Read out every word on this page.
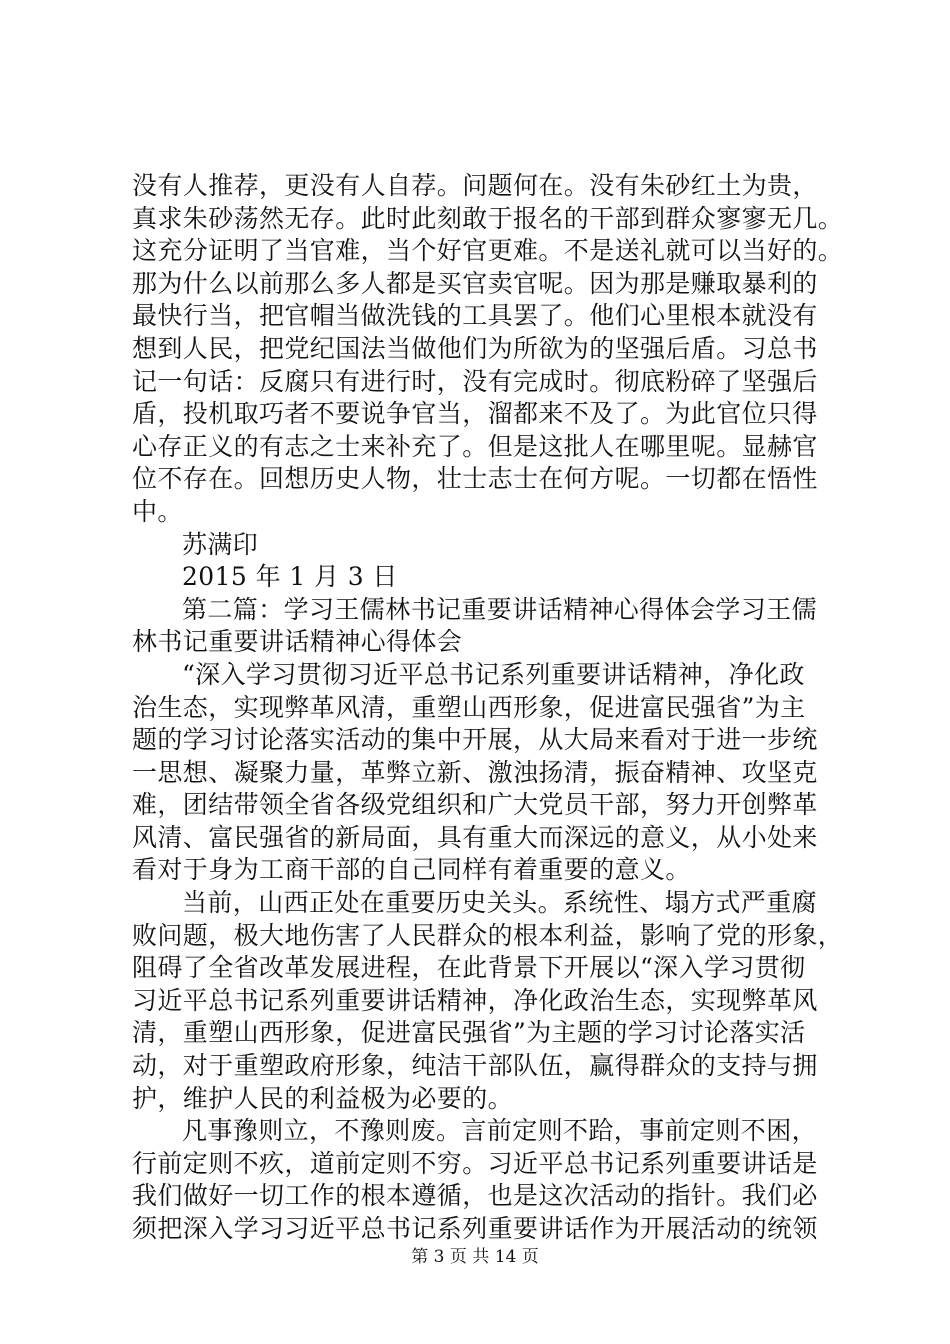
没有人推荐，更没有人自荐。问题何在。没有朱砂红土为贵，
真求朱砂荡然无存。此时此刻敢于报名的干部到群众寥寥无几。
这充分证明了当官难，当个好官更难。不是送礼就可以当好的。
那为什么以前那么多人都是买官卖官呢。因为那是赚取暴利的
最快行当，把官帽当做洗钱的工具罢了。他们心里根本就没有
想到人民，把党纪国法当做他们为所欲为的坚强后盾。习总书
记一句话：反腐只有进行时，没有完成时。彻底粉碎了坚强后
盾，投机取巧者不要说争官当，溜都来不及了。为此官位只得
心存正义的有志之士来补充了。但是这批人在哪里呢。显赫官
位不存在。回想历史人物，壮士志士在何方呢。一切都在悟性
中。
苏满印
2015 年 1 月 3 日
第二篇：学习王儒林书记重要讲话精神心得体会学习王儒
林书记重要讲话精神心得体会
“深入学习贯彻习近平总书记系列重要讲话精神，净化政
治生态，实现弊革风清，重塑山西形象，促进富民强省”为主
题的学习讨论落实活动的集中开展，从大局来看对于进一步统
一思想、凝聚力量，革弊立新、激浊扬清，振奋精神、攻坚克
难，团结带领全省各级党组织和广大党员干部，努力开创弊革
风清、富民强省的新局面，具有重大而深远的意义，从小处来
看对于身为工商干部的自己同样有着重要的意义。
当前，山西正处在重要历史关头。系统性、塌方式严重腐
败问题，极大地伤害了人民群众的根本利益，影响了党的形象，
阻碍了全省改革发展进程，在此背景下开展以“深入学习贯彻
习近平总书记系列重要讲话精神，净化政治生态，实现弊革风
清，重塑山西形象，促进富民强省”为主题的学习讨论落实活
动，对于重塑政府形象，纯洁干部队伍，赢得群众的支持与拥
护，维护人民的利益极为必要的。
凡事豫则立，不豫则废。言前定则不跲，事前定则不困，
行前定则不疚，道前定则不穷。习近平总书记系列重要讲话是
我们做好一切工作的根本遵循，也是这次活动的指针。我们必
须把深入学习习近平总书记系列重要讲话作为开展活动的统领
第 3 页 共 14 页
